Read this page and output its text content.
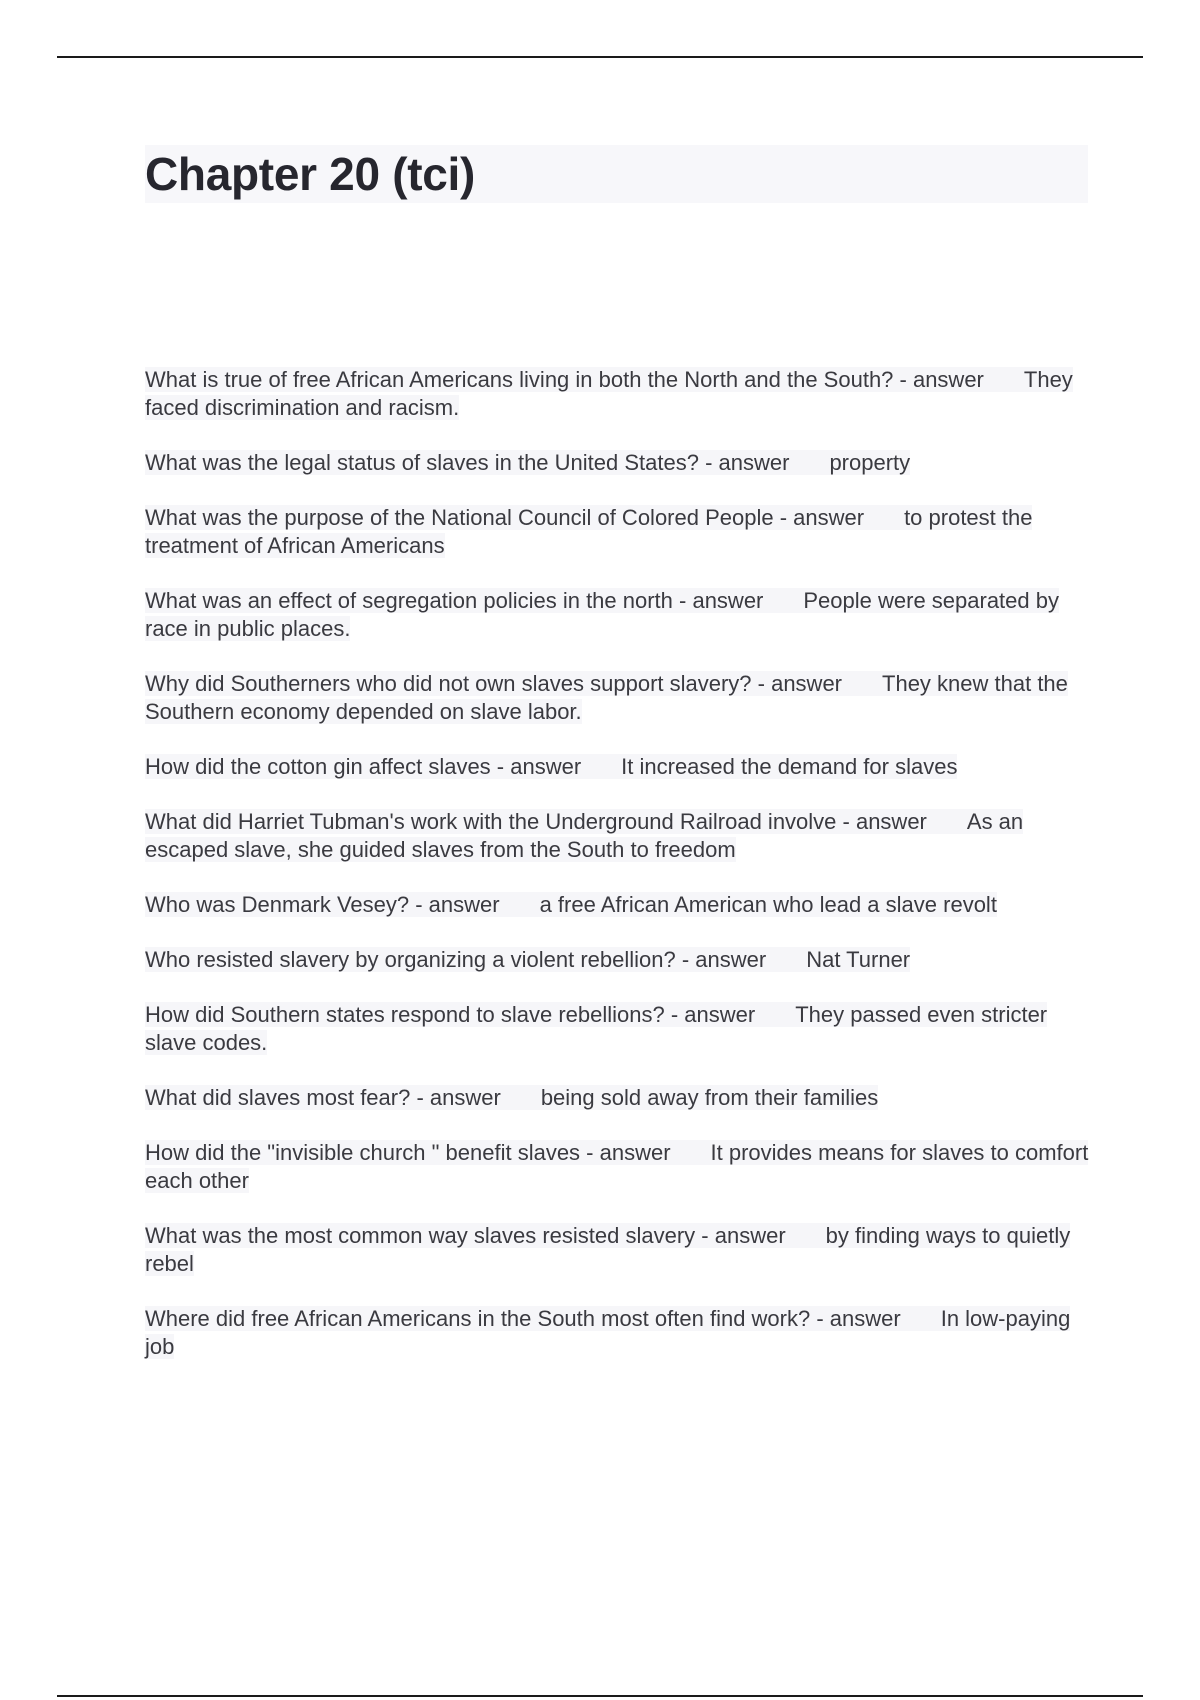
Chapter 20 (tci)
What is true of free African Americans living in both the North and the South? - answer They faced discrimination and racism.
What was the legal status of slaves in the United States? - answer property
What was the purpose of the National Council of Colored People - answer to protest the treatment of African Americans
What was an effect of segregation policies in the north - answer People were separated by race in public places.
Why did Southerners who did not own slaves support slavery? - answer They knew that the Southern economy depended on slave labor.
How did the cotton gin affect slaves - answer It increased the demand for slaves
What did Harriet Tubman's work with the Underground Railroad involve - answer As an escaped slave, she guided slaves from the South to freedom
Who was Denmark Vesey? - answer a free African American who lead a slave revolt
Who resisted slavery by organizing a violent rebellion? - answer Nat Turner
How did Southern states respond to slave rebellions? - answer They passed even stricter slave codes.
What did slaves most fear? - answer being sold away from their families
How did the "invisible church " benefit slaves - answer It provides means for slaves to comfort each other
What was the most common way slaves resisted slavery - answer by finding ways to quietly rebel
Where did free African Americans in the South most often find work? - answer In low-paying job
